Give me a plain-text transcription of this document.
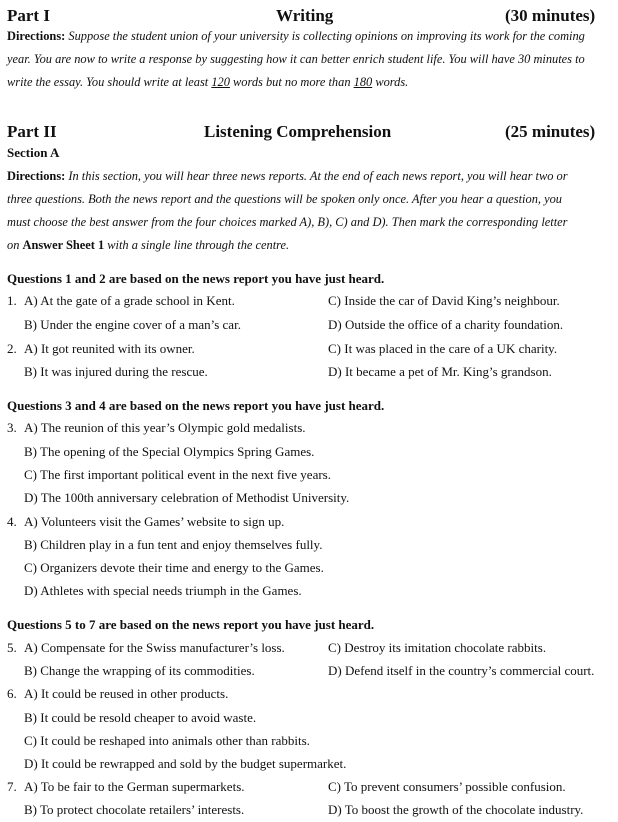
Part I	Writing	(30 minutes)
Directions: Suppose the student union of your university is collecting opinions on improving its work for the coming
year. You are now to write a response by suggesting how it can better enrich student life. You will have 30 minutes to
write the essay. You should write at least 120 words but no more than 180 words.
Part II	Listening Comprehension	(25 minutes)
Section A
Directions: In this section, you will hear three news reports. At the end of each news report, you will hear two or
three questions. Both the news report and the questions will be spoken only once. After you hear a question, you
must choose the best answer from the four choices marked A), B), C) and D). Then mark the corresponding letter
on Answer Sheet 1 with a single line through the centre.
Questions 1 and 2 are based on the news report you have just heard.
1. A) At the gate of a grade school in Kent.	C) Inside the car of David King’s neighbour.
B) Under the engine cover of a man’s car.	D) Outside the office of a charity foundation.
2. A) It got reunited with its owner.	C) It was placed in the care of a UK charity.
B) It was injured during the rescue.	D) It became a pet of Mr. King’s grandson.
Questions 3 and 4 are based on the news report you have just heard.
3. A) The reunion of this year’s Olympic gold medalists.
B) The opening of the Special Olympics Spring Games.
C) The first important political event in the next five years.
D) The 100th anniversary celebration of Methodist University.
4. A) Volunteers visit the Games’ website to sign up.
B) Children play in a fun tent and enjoy themselves fully.
C) Organizers devote their time and energy to the Games.
D) Athletes with special needs triumph in the Games.
Questions 5 to 7 are based on the news report you have just heard.
5. A) Compensate for the Swiss manufacturer’s loss.	C) Destroy its imitation chocolate rabbits.
B) Change the wrapping of its commodities.	D) Defend itself in the country’s commercial court.
6. A) It could be reused in other products.
B) It could be resold cheaper to avoid waste.
C) It could be reshaped into animals other than rabbits.
D) It could be rewrapped and sold by the budget supermarket.
7. A) To be fair to the German supermarkets.	C) To prevent consumers’ possible confusion.
B) To protect chocolate retailers’ interests.	D) To boost the growth of the chocolate industry.
